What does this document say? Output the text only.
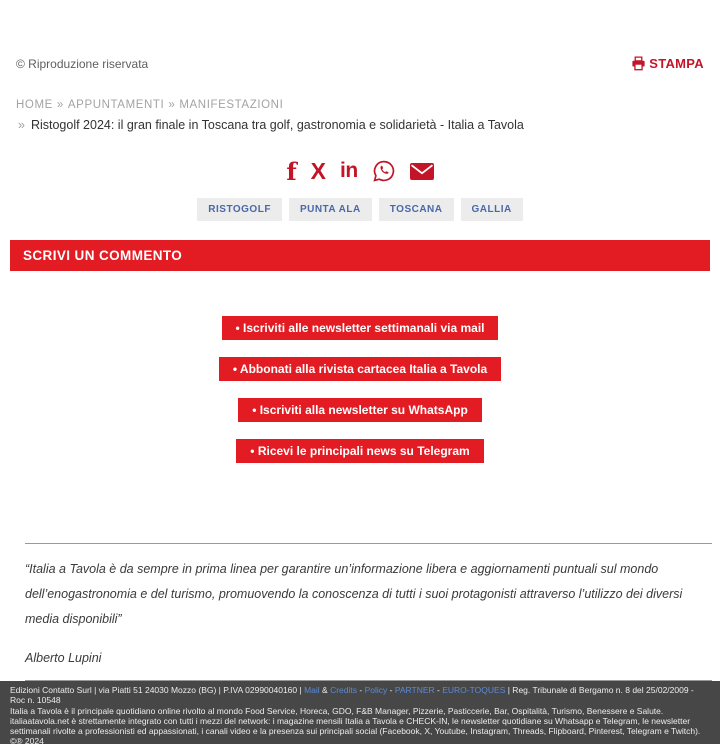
© Riproduzione riservata	STAMPA
HOME » APPUNTAMENTI » MANIFESTAZIONI
» Ristogolf 2024: il gran finale in Toscana tra golf, gastronomia e solidarietà - Italia a Tavola
f X in
RISTOGOLF	PUNTA ALA	TOSCANA	GALLIA
SCRIVI UN COMMENTO
• Iscriviti alle newsletter settimanali via mail
• Abbonati alla rivista cartacea Italia a Tavola
• Iscriviti alla newsletter su WhatsApp
• Ricevi le principali news su Telegram

“Italia a Tavola è da sempre in prima linea per garantire un’informazione libera e aggiornamenti puntuali sul mondo dell’enogastronomia e del turismo, promuovendo la conoscenza di tutti i suoi protagonisti attraverso l’utilizzo dei diversi media disponibili”

Alberto Lupini

Edizioni Contatto Surl | via Piatti 51 24030 Mozzo (BG) | P.IVA 02990040160 | Mail & Credits - Policy - PARTNER - EURO-TOQUES | Reg. Tribunale di Bergamo n. 8 del 25/02/2009 - Roc n. 10548
Italia a Tavola è il principale quotidiano online rivolto al mondo Food Service, Horeca, GDO, F&B Manager, Pizzerie, Pasticcerie, Bar, Ospitalità, Turismo, Benessere e Salute. italiaatavola.net è strettamente integrato con tutti i mezzi del network: i magazine mensili Italia a Tavola e CHECK-IN, le newsletter quotidiane su Whatsapp e Telegram, le newsletter settimanali rivolte a professionisti ed appassionati, i canali video e la presenza sui principali social (Facebook, X, Youtube, Instagram, Threads, Flipboard, Pinterest, Telegram e Twitch). ©® 2024
